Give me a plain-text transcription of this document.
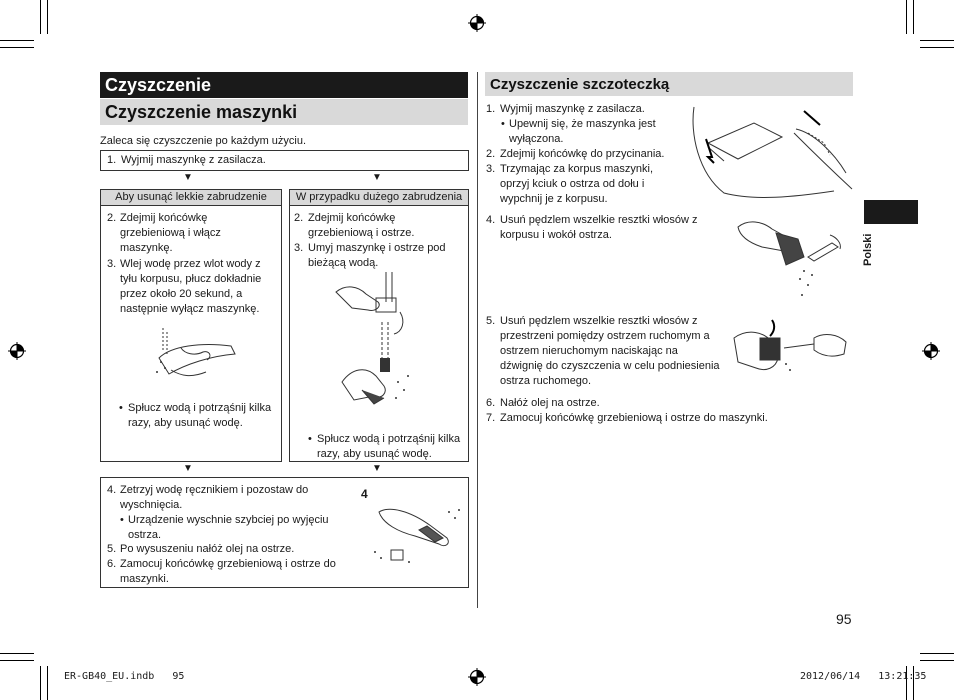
Czyszczenie
Czyszczenie maszynki
Zaleca się czyszczenie po każdym użyciu.
1. Wyjmij maszynkę z zasilacza.
▼	▼
Aby usunąć lekkie zabrudzenie
2. Zdejmij końcówkę
grzebieniową i włącz
maszynkę.
3. Wlej wodę przez wlot wody z
tyłu korpusu, płucz dokładnie
przez około 20 sekund, a
następnie wyłącz maszynkę.
• Spłucz wodą i potrząśnij kilka
razy, aby usunąć wodę.
W przypadku dużego zabrudzenia
2. Zdejmij końcówkę
grzebieniową i ostrze.
3. Umyj maszynkę i ostrze pod
bieżącą wodą.
• Spłucz wodą i potrząśnij kilka
razy, aby usunąć wodę.
▼	▼
4. Zetrzyj wodę ręcznikiem i pozostaw do
wyschnięcia.
• Urządzenie wyschnie szybciej po wyjęciu
ostrza.
5. Po wysuszeniu nałóż olej na ostrze.
6. Zamocuj końcówkę grzebieniową i ostrze do
maszynki.
4
Czyszczenie szczoteczką
1. Wyjmij maszynkę z zasilacza.
• Upewnij się, że maszynka jest
wyłączona.
2. Zdejmij końcówkę do przycinania.
3. Trzymając za korpus maszynki,
oprzyj kciuk o ostrza od dołu i
wypchnij je z korpusu.
4. Usuń pędzlem wszelkie resztki włosów z
korpusu i wokół ostrza.
5. Usuń pędzlem wszelkie resztki włosów z
przestrzeni pomiędzy ostrzem ruchomym a
ostrzem nieruchomym naciskając na
dźwignię do czyszczenia w celu podniesienia
ostrza ruchomego.
6. Nałóż olej na ostrze.
7. Zamocuj końcówkę grzebieniową i ostrze do maszynki.
Polski
95
ER-GB40_EU.indb   95	2012/06/14   13:21:35
